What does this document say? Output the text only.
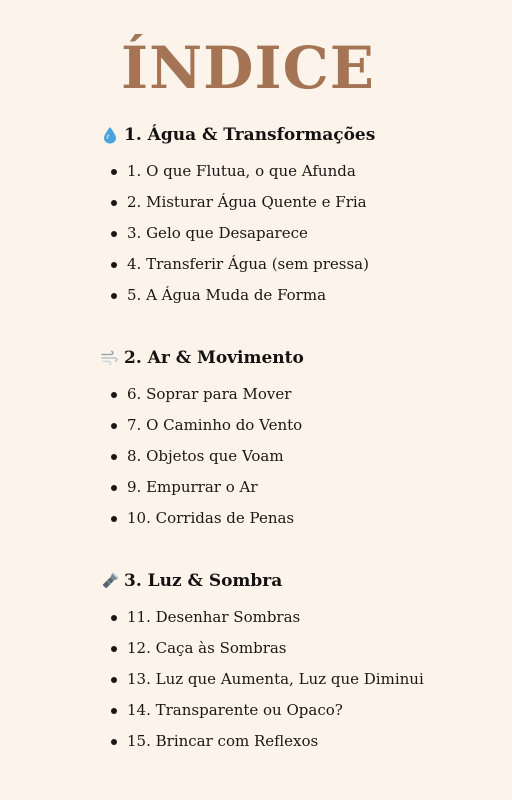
ÍNDICE
1. Água & Transformações
1. O que Flutua, o que Afunda
2. Misturar Água Quente e Fria
3. Gelo que Desaparece
4. Transferir Água (sem pressa)
5. A Água Muda de Forma
2. Ar & Movimento
6. Soprar para Mover
7. O Caminho do Vento
8. Objetos que Voam
9. Empurrar o Ar
10. Corridas de Penas
3. Luz & Sombra
11. Desenhar Sombras
12. Caça às Sombras
13. Luz que Aumenta, Luz que Diminui
14. Transparente ou Opaco?
15. Brincar com Reflexos
